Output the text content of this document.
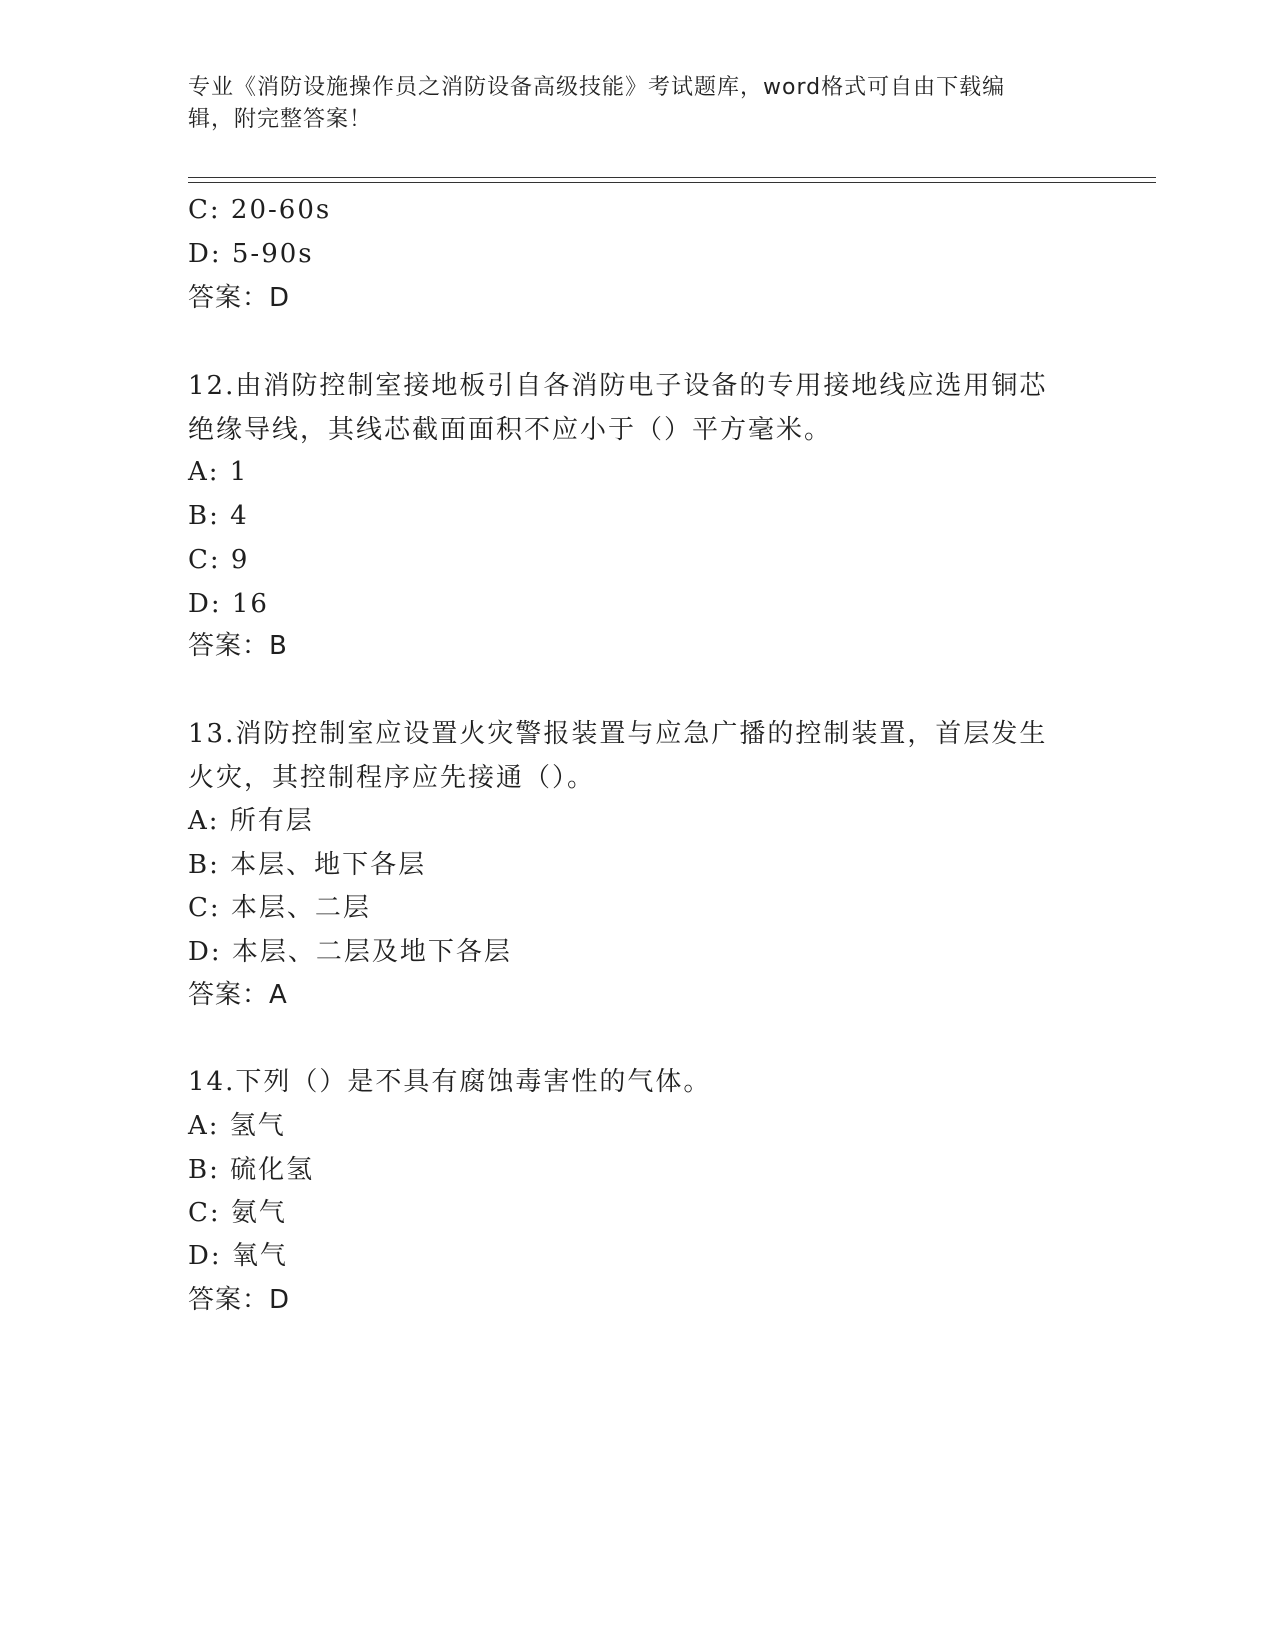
专业《消防设施操作员之消防设备高级技能》考试题库，word格式可自由下载编
辑，附完整答案！
C: 20-60s
D: 5-90s
答案：D
12.由消防控制室接地板引自各消防电子设备的专用接地线应选用铜芯
绝缘导线，其线芯截面面积不应小于（）平方毫米。
A: 1
B: 4
C: 9
D: 16
答案：B
13.消防控制室应设置火灾警报装置与应急广播的控制装置，首层发生
火灾，其控制程序应先接通（）。
A: 所有层
B: 本层、地下各层
C: 本层、二层
D: 本层、二层及地下各层
答案：A
14.下列（）是不具有腐蚀毒害性的气体。
A: 氢气
B: 硫化氢
C: 氨气
D: 氧气
答案：D
